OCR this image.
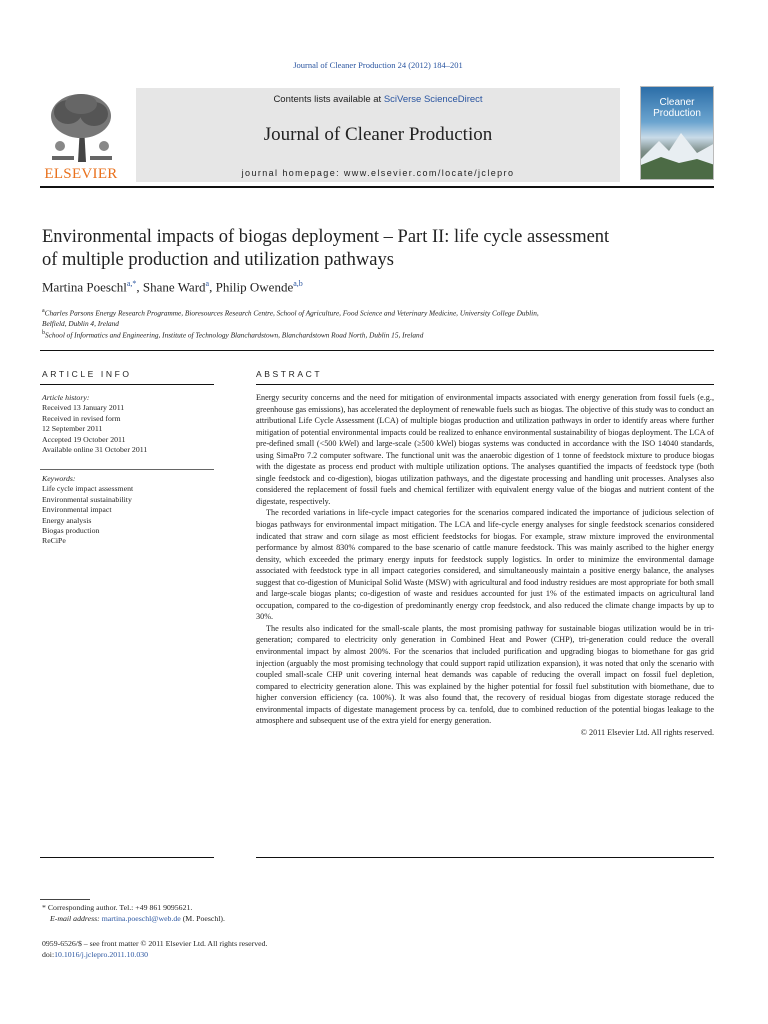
Journal of Cleaner Production 24 (2012) 184–201
ELSEVIER
Contents lists available at SciVerse ScienceDirect
Journal of Cleaner Production
journal homepage: www.elsevier.com/locate/jclepro
Cleaner
Production
Environmental impacts of biogas deployment – Part II: life cycle assessment
of multiple production and utilization pathways
Martina Poeschl$^{a,*}$, Shane Ward$^a$, Philip Owende$^{a,b}$
$^a$Charles Parsons Energy Research Programme, Bioresources Research Centre, School of Agriculture, Food Science and Veterinary Medicine, University College Dublin,
Belfield, Dublin 4, Ireland
$^b$School of Informatics and Engineering, Institute of Technology Blanchardstown, Blanchardstown Road North, Dublin 15, Ireland
ARTICLE INFO	ABSTRACT
Article history:
Received 13 January 2011
Received in revised form
12 September 2011
Accepted 19 October 2011
Available online 31 October 2011
Keywords:
Life cycle impact assessment
Environmental sustainability
Environmental impact
Energy analysis
Biogas production
ReCiPe

Energy security concerns and the need for mitigation of environmental impacts associated with energy generation from fossil fuels (e.g., greenhouse gas emissions), has accelerated the deployment of renewable fuels such as biogas. The objective of this study was to conduct an attributional Life Cycle Assessment (LCA) of multiple biogas production and utilization pathways in order to identify areas where further mitigation of potential environmental impacts could be realized to enhance environmental sustainability of biogas deployment. The LCA of pre-defined small (<500 kWel) and large-scale (≥500 kWel) biogas systems was conducted in accordance with the ISO 14040 standards, using SimaPro 7.2 computer software. The functional unit was the anaerobic digestion of 1 tonne of feedstock mixture to produce biogas with the digestate as process end product with multiple utilization options. The analyses quantified the impacts of feedstock type (both single feedstock and co-digestion), biogas utilization pathways, and the digestate processing and handling unit processes. Analyses also considered the replacement of fossil fuels and chemical fertilizer with equivalent energy value of the biogas and nutrient content of the digestate, respectively.

The recorded variations in life-cycle impact categories for the scenarios compared indicated the importance of judicious selection of biogas pathways for environmental impact mitigation. The LCA and life-cycle energy analyses for single feedstock scenarios considered indicated that straw and corn silage as most efficient feedstocks for biogas. For example, straw mixture improved the environmental performance by almost 830% compared to the base scenario of cattle manure feedstock. This was mainly ascribed to the higher energy density, which exceeded the primary energy inputs for feedstock supply logistics. In order to minimize the environmental damage associated with feedstock type in all impact categories considered, and simultaneously maintain a positive energy balance, the analyses suggest that co-digestion of Municipal Solid Waste (MSW) with agricultural and food industry residues are most appropriate for both small and large-scale biogas plants; co-digestion of waste and residues accounted for just 1% of the estimated impacts on agricultural land occupation, compared to the co-digestion of predominantly energy crop feedstock, and also reduced the climate change impacts by up to 30%.

The results also indicated for the small-scale plants, the most promising pathway for sustainable biogas utilization would be in tri-generation; compared to electricity only generation in Combined Heat and Power (CHP), tri-generation could reduce the overall environmental impact by almost 200%. For the scenarios that included purification and upgrading biogas to biomethane for gas grid injection (arguably the most promising technology that could support rapid utilization expansion), it was noted that only the scenario with coupled small-scale CHP unit covering internal heat demands was capable of reducing the overall impact on fossil fuel depletion, compared to electricity generation alone. This was explained by the higher potential for fossil fuel substitution with biomethane, due to higher conversion efficiency (ca. 100%). It was also found that, the recovery of residual biogas from digestate storage reduced the environmental impacts of digestate management process by ca. tenfold, due to combined reduction of the potential biogas leakage to the atmosphere and subsequent use of the extra yield for energy generation.

© 2011 Elsevier Ltd. All rights reserved.

* Corresponding author. Tel.: +49 861 9095621.
E-mail address: martina.poeschl@web.de (M. Poeschl).
0959-6526/$ – see front matter © 2011 Elsevier Ltd. All rights reserved.
doi:10.1016/j.jclepro.2011.10.030
